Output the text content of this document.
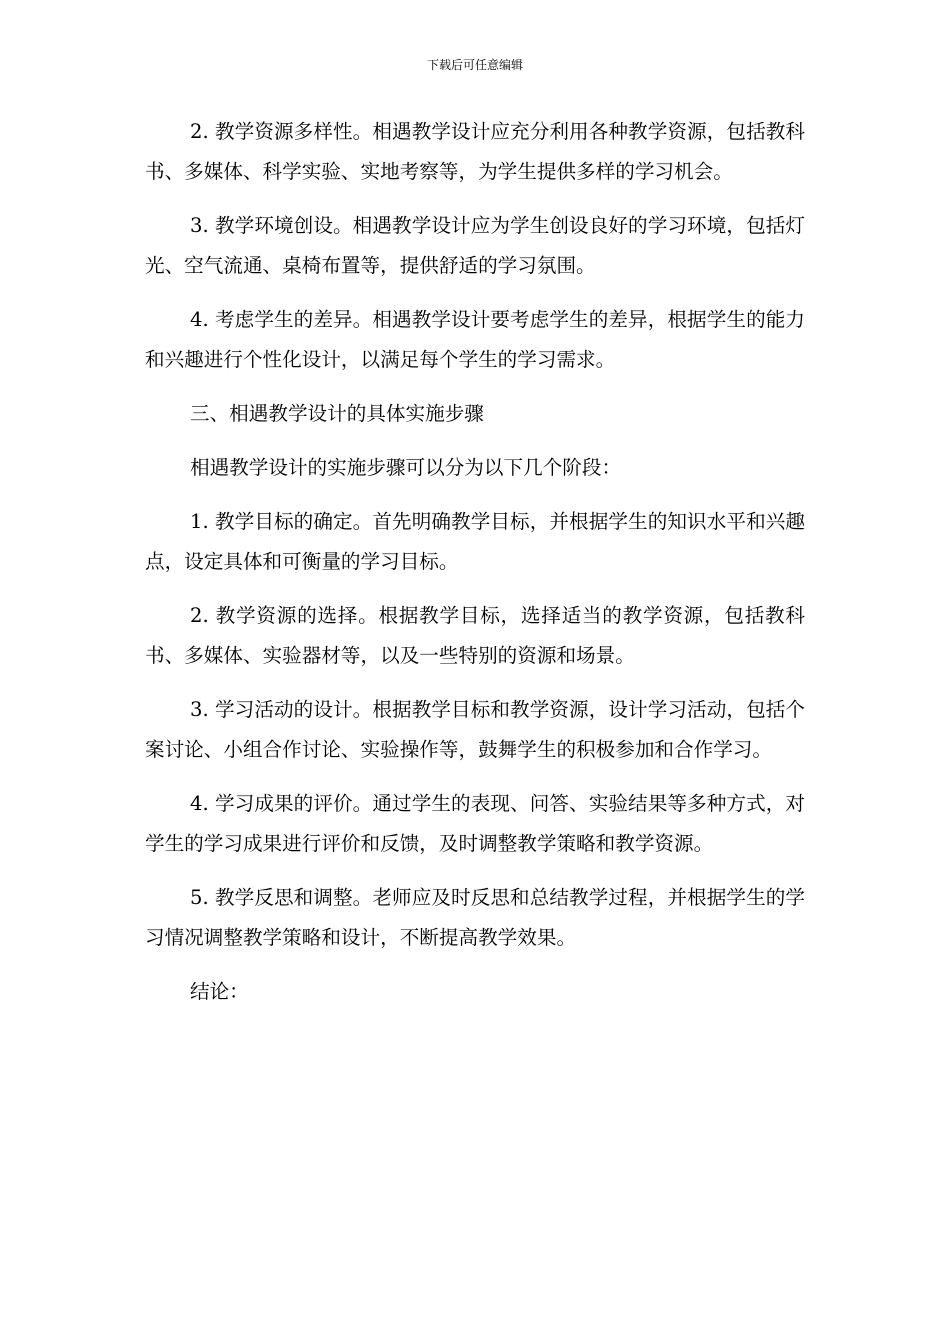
下载后可任意编辑

2. 教学资源多样性。相遇教学设计应充分利用各种教学资源，包括教科书、多媒体、科学实验、实地考察等，为学生提供多样的学习机会。

3. 教学环境创设。相遇教学设计应为学生创设良好的学习环境，包括灯光、空气流通、桌椅布置等，提供舒适的学习氛围。

4. 考虑学生的差异。相遇教学设计要考虑学生的差异，根据学生的能力和兴趣进行个性化设计，以满足每个学生的学习需求。

三、相遇教学设计的具体实施步骤

相遇教学设计的实施步骤可以分为以下几个阶段：

1. 教学目标的确定。首先明确教学目标，并根据学生的知识水平和兴趣点，设定具体和可衡量的学习目标。

2. 教学资源的选择。根据教学目标，选择适当的教学资源，包括教科书、多媒体、实验器材等，以及一些特别的资源和场景。

3. 学习活动的设计。根据教学目标和教学资源，设计学习活动，包括个案讨论、小组合作讨论、实验操作等，鼓舞学生的积极参加和合作学习。

4. 学习成果的评价。通过学生的表现、问答、实验结果等多种方式，对学生的学习成果进行评价和反馈，及时调整教学策略和教学资源。

5. 教学反思和调整。老师应及时反思和总结教学过程，并根据学生的学习情况调整教学策略和设计，不断提高教学效果。

结论：
